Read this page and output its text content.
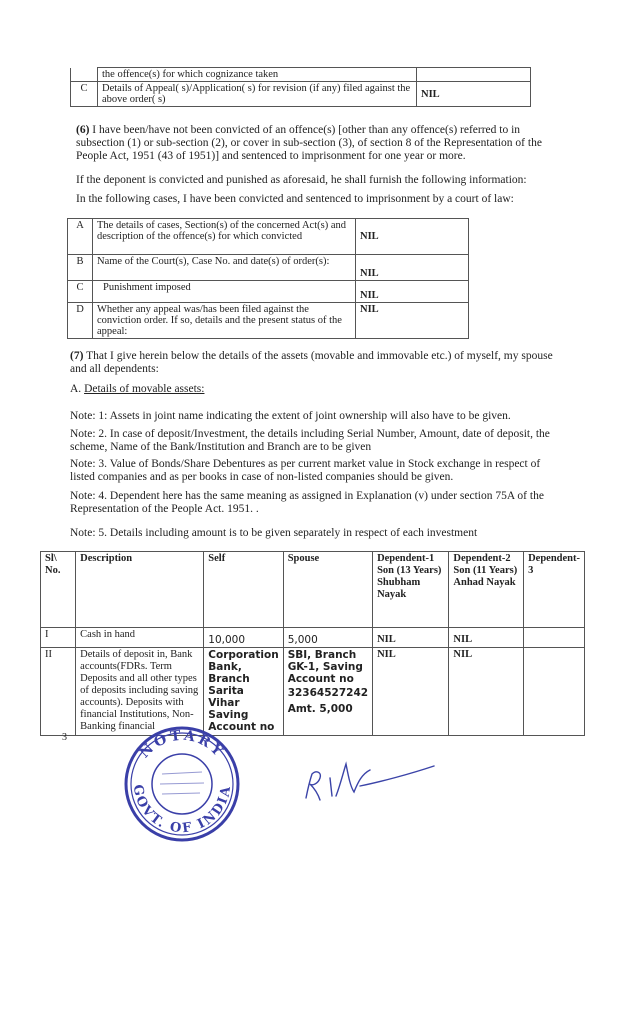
	the offence(s) for which cognizance taken	
C	Details of Appeal( s)/Application( s) for revision (if any) filed against the above order( s)	NIL
(6) I have been/have not been convicted of an offence(s) [other than any offence(s) referred to in subsection (1) or sub-section (2), or cover in sub-section (3), of section 8 of the Representation of the People Act, 1951 (43 of 1951)] and sentenced to imprisonment for one year or more.
If the deponent is convicted and punished as aforesaid, he shall furnish the following information:
In the following cases, I have been convicted and sentenced to imprisonment by a court of law:
A	The details of cases, Section(s) of the concerned Act(s) and description of the offence(s) for which convicted	NIL
B	Name of the Court(s), Case No. and date(s) of order(s):	NIL
C	Punishment imposed	NIL
D	Whether any appeal was/has been filed against the conviction order. If so, details and the present status of the appeal:	NIL
(7) That I give herein below the details of the assets (movable and immovable etc.) of myself, my spouse and all dependents:
A. Details of movable assets:
Note: 1: Assets in joint name indicating the extent of joint ownership will also have to be given.
Note: 2. In case of deposit/Investment, the details including Serial Number, Amount, date of deposit, the scheme, Name of the Bank/Institution and Branch are to be given
Note: 3. Value of Bonds/Share Debentures as per current market value in Stock exchange in respect of listed companies and as per books in case of non-listed companies should be given.
Note: 4. Dependent here has the same meaning as assigned in Explanation (v) under section 75A of the Representation of the People Act. 1951. .
Note: 5. Details including amount is to be given separately in respect of each investment
Sl\ No.	Description	Self	Spouse	Dependent-1 Son (13 Years) Shubham Nayak	Dependent-2 Son (11 Years) Anhad Nayak	Dependent-3
I	Cash in hand	10,000	5,000	NIL	NIL	
II	Details of deposit in, Bank accounts(FDRs. Term Deposits and all other types of deposits including saving accounts). Deposits with financial Institutions, Non-Banking financial	Corporation Bank, Branch Sarita Vihar Saving Account no	SBI, Branch GK-1, Saving Account no
32364527242
Amt. 5,000	NIL	NIL	
3
NOTARY
GOVT. OF INDIA
